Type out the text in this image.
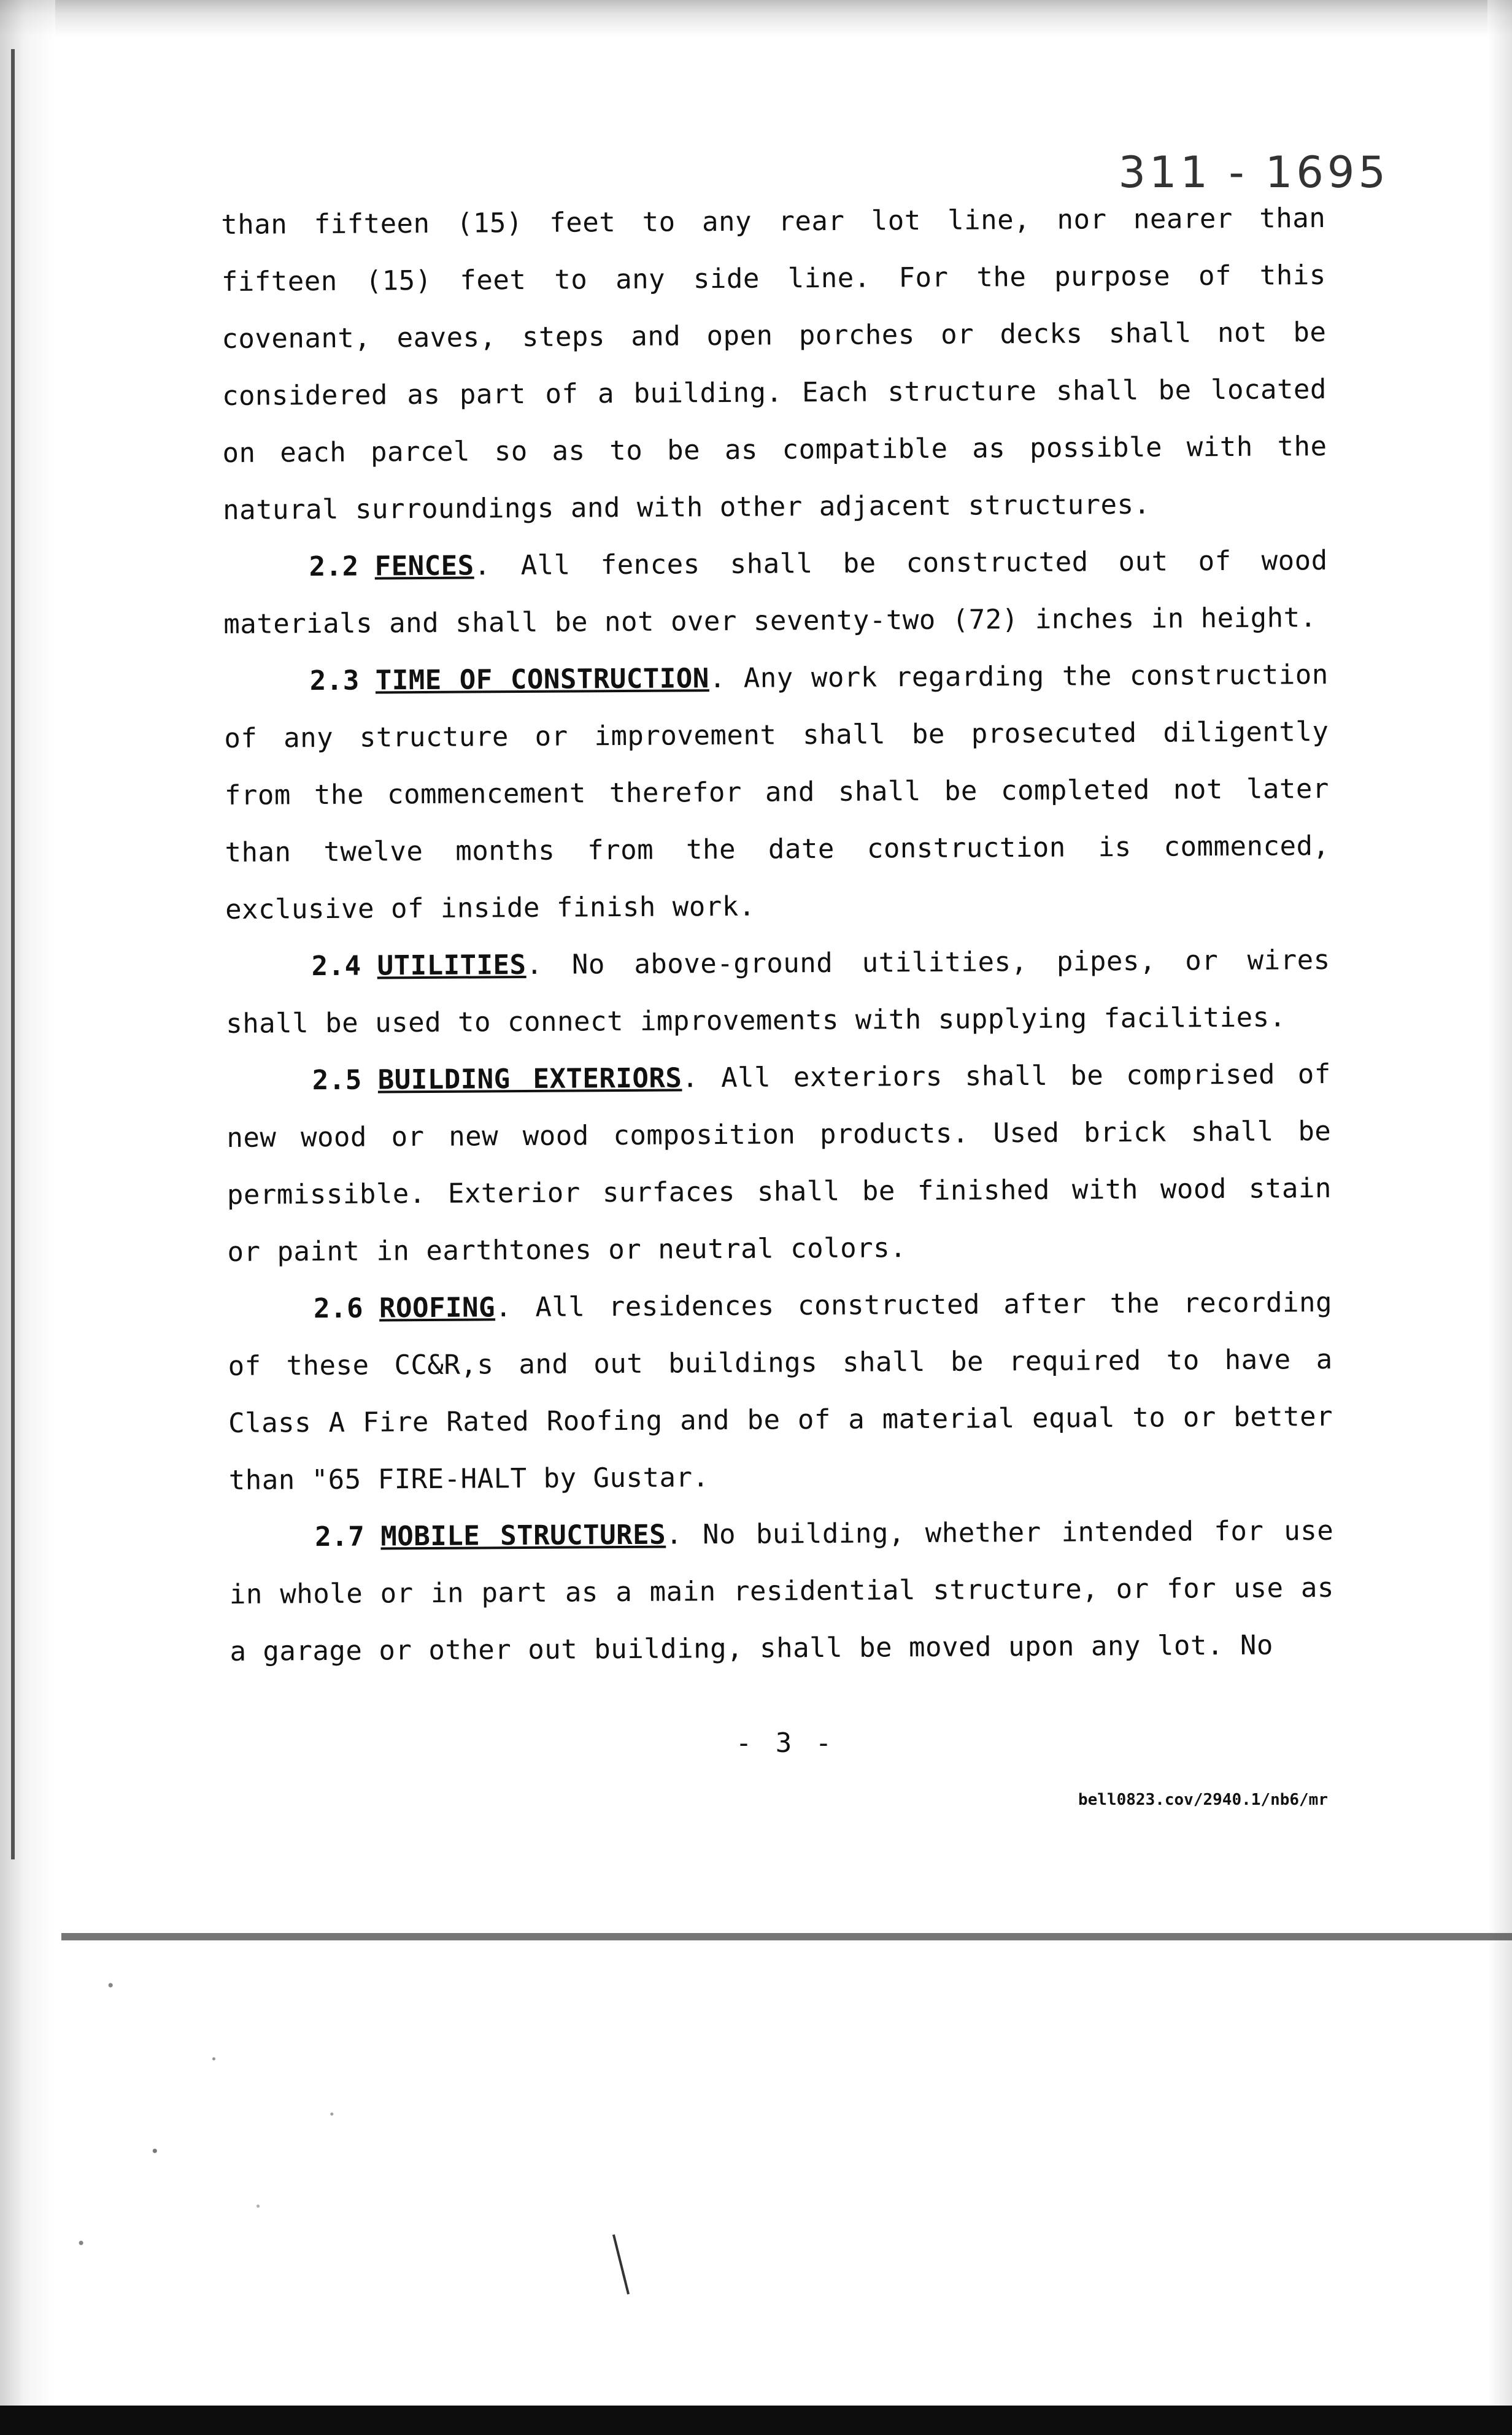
311 - 1695

than fifteen (15) feet to any rear lot line, nor nearer than fifteen (15) feet to any side line. For the purpose of this covenant, eaves, steps and open porches or decks shall not be considered as part of a building. Each structure shall be located on each parcel so as to be as compatible as possible with the natural surroundings and with other adjacent structures.

2.2 FENCES. All fences shall be constructed out of wood materials and shall be not over seventy-two (72) inches in height.

2.3 TIME OF CONSTRUCTION. Any work regarding the construction of any structure or improvement shall be prosecuted diligently from the commencement therefor and shall be completed not later than twelve months from the date construction is commenced, exclusive of inside finish work.

2.4 UTILITIES. No above-ground utilities, pipes, or wires shall be used to connect improvements with supplying facilities.

2.5 BUILDING EXTERIORS. All exteriors shall be comprised of new wood or new wood composition products. Used brick shall be permissible. Exterior surfaces shall be finished with wood stain or paint in earthtones or neutral colors.

2.6 ROOFING. All residences constructed after the recording of these CC&R,s and out buildings shall be required to have a Class A Fire Rated Roofing and be of a material equal to or better than "65 FIRE-HALT by Gustar.

2.7 MOBILE STRUCTURES. No building, whether intended for use in whole or in part as a main residential structure, or for use as a garage or other out building, shall be moved upon any lot. No

- 3 -
bell0823.cov/2940.1/nb6/mr
